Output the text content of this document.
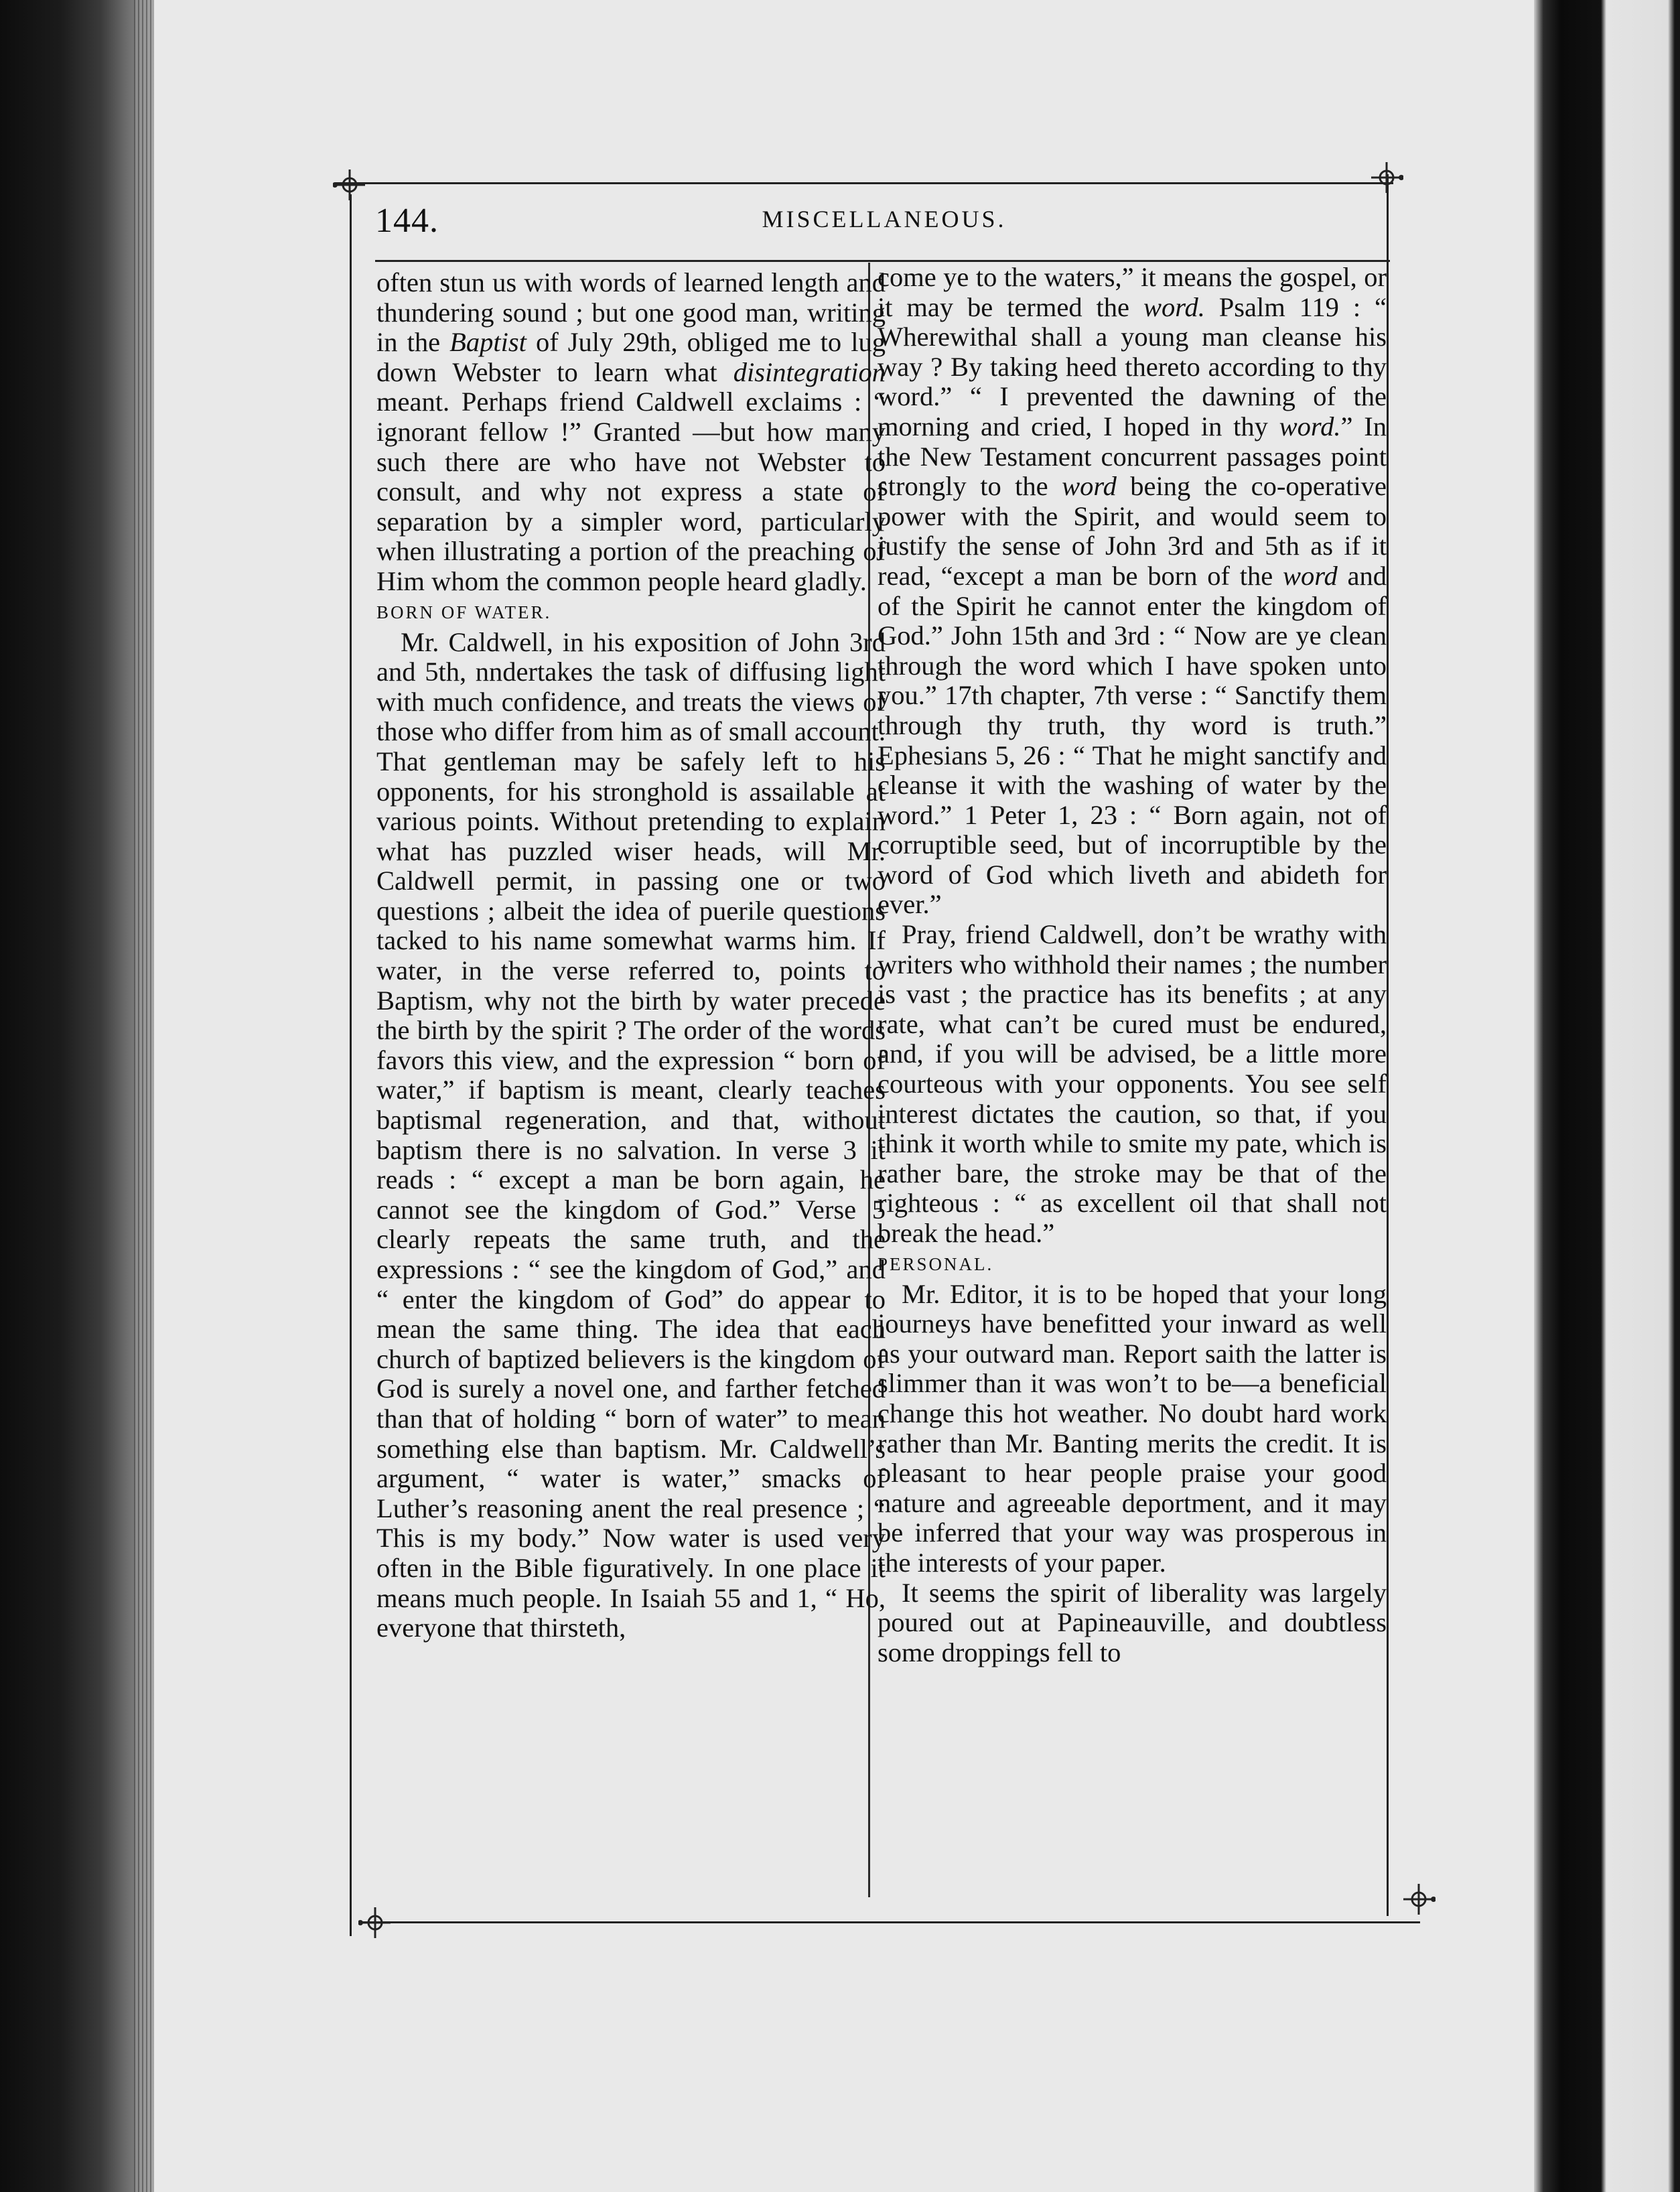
144.	MISCELLANEOUS.

often stun us with words of learned length and thundering sound ; but one good man, writing in the Baptist of July 29th, obliged me to lug down Webster to learn what disintegration meant. Perhaps friend Caldwell exclaims : “ ignorant fellow !” Granted —but how many such there are who have not Webster to consult, and why not express a state of separation by a simpler word, particularly when illustrating a portion of the preaching of Him whom the common people heard gladly.

BORN OF WATER.

Mr. Caldwell, in his exposition of John 3rd and 5th, nndertakes the task of diffusing light with much confidence, and treats the views of those who differ from him as of small account. That gentleman may be safely left to his opponents, for his stronghold is assailable at various points. Without pretending to explain what has puzzled wiser heads, will Mr. Caldwell permit, in passing one or two questions ; albeit the idea of puerile questions tacked to his name somewhat warms him. If water, in the verse referred to, points to Baptism, why not the birth by water precede the birth by the spirit ? The order of the words favors this view, and the expression “ born of water,” if baptism is meant, clearly teaches baptismal regeneration, and that, without baptism there is no salvation. In verse 3 it reads : “ except a man be born again, he cannot see the kingdom of God.” Verse 5 clearly repeats the same truth, and the expressions : “ see the kingdom of God,” and “ enter the kingdom of God” do appear to mean the same thing. The idea that each church of baptized believers is the kingdom of God is surely a novel one, and farther fetched than that of holding “ born of water” to mean something else than baptism. Mr. Caldwell’s argument, “ water is water,” smacks of Luther’s reasoning anent the real presence ; “ This is my body.” Now water is used very often in the Bible figuratively. In one place it means much people. In Isaiah 55 and 1, “ Ho, everyone that thirsteth,

come ye to the waters,” it means the gospel, or it may be termed the word. Psalm 119 : “ Wherewithal shall a young man cleanse his way ? By taking heed thereto according to thy word.” “ I prevented the dawning of the morning and cried, I hoped in thy word.” In the New Testament concurrent passages point strongly to the word being the co-operative power with the Spirit, and would seem to justify the sense of John 3rd and 5th as if it read, “except a man be born of the word and of the Spirit he cannot enter the kingdom of God.” John 15th and 3rd : “ Now are ye clean through the word which I have spoken unto you.” 17th chapter, 7th verse : “ Sanctify them through thy truth, thy word is truth.” Ephesians 5, 26 : “ That he might sanctify and cleanse it with the washing of water by the word.” 1 Peter 1, 23 : “ Born again, not of corruptible seed, but of incorruptible by the word of God which liveth and abideth for ever.”

Pray, friend Caldwell, don’t be wrathy with writers who withhold their names ; the number is vast ; the practice has its benefits ; at any rate, what can’t be cured must be endured, and, if you will be advised, be a little more courteous with your opponents. You see self interest dictates the caution, so that, if you think it worth while to smite my pate, which is rather bare, the stroke may be that of the righteous : “ as excellent oil that shall not break the head.”

PERSONAL.

Mr. Editor, it is to be hoped that your long journeys have benefitted your inward as well as your outward man. Report saith the latter is slimmer than it was won’t to be—a beneficial change this hot weather. No doubt hard work rather than Mr. Banting merits the credit. It is pleasant to hear people praise your good nature and agreeable deportment, and it may be inferred that your way was prosperous in the interests of your paper.

It seems the spirit of liberality was largely poured out at Papineauville, and doubtless some droppings fell to
